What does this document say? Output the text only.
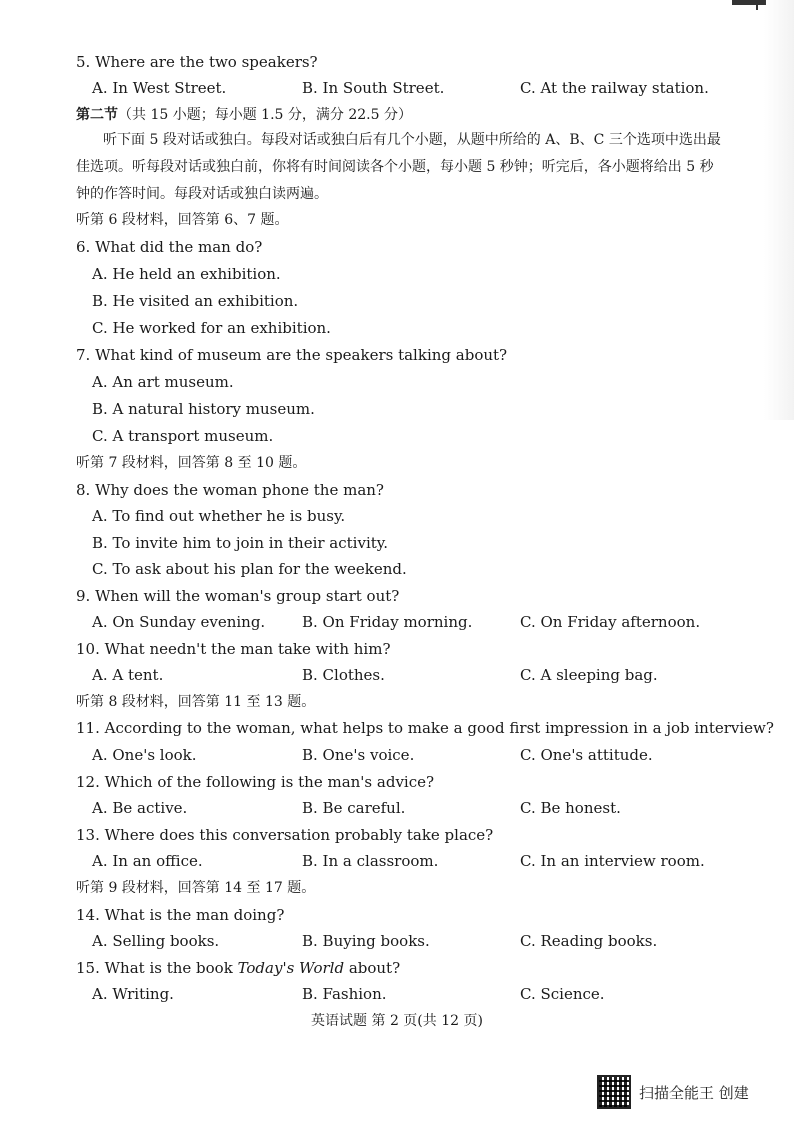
5. Where are the two speakers?
A. In West Street.	B. In South Street.	C. At the railway station.
第二节（共 15 小题；每小题 1.5 分，满分 22.5 分）
听下面 5 段对话或独白。每段对话或独白后有几个小题，从题中所给的 A、B、C 三个选项中选出最佳选项。听每段对话或独白前，你将有时间阅读各个小题，每小题 5 秒钟；听完后，各小题将给出 5 秒钟的作答时间。每段对话或独白读两遍。
听第 6 段材料，回答第 6、7 题。
6. What did the man do?
A. He held an exhibition.
B. He visited an exhibition.
C. He worked for an exhibition.
7. What kind of museum are the speakers talking about?
A. An art museum.
B. A natural history museum.
C. A transport museum.
听第 7 段材料，回答第 8 至 10 题。
8. Why does the woman phone the man?
A. To find out whether he is busy.
B. To invite him to join in their activity.
C. To ask about his plan for the weekend.
9. When will the woman's group start out?
A. On Sunday evening. B. On Friday morning.	C. On Friday afternoon.
10. What needn't the man take with him?
A. A tent.	B. Clothes.	C. A sleeping bag.
听第 8 段材料，回答第 11 至 13 题。
11. According to the woman, what helps to make a good first impression in a job interview?
A. One's look.	B. One's voice.	C. One's attitude.
12. Which of the following is the man's advice?
A. Be active.	B. Be careful.	C. Be honest.
13. Where does this conversation probably take place?
A. In an office.	B. In a classroom.	C. In an interview room.
听第 9 段材料，回答第 14 至 17 题。
14. What is the man doing?
A. Selling books.	B. Buying books.	C. Reading books.
15. What is the book Today's World about?
A. Writing.	B. Fashion.	C. Science.
英语试题 第 2 页(共 12 页)
扫描全能王 创建
